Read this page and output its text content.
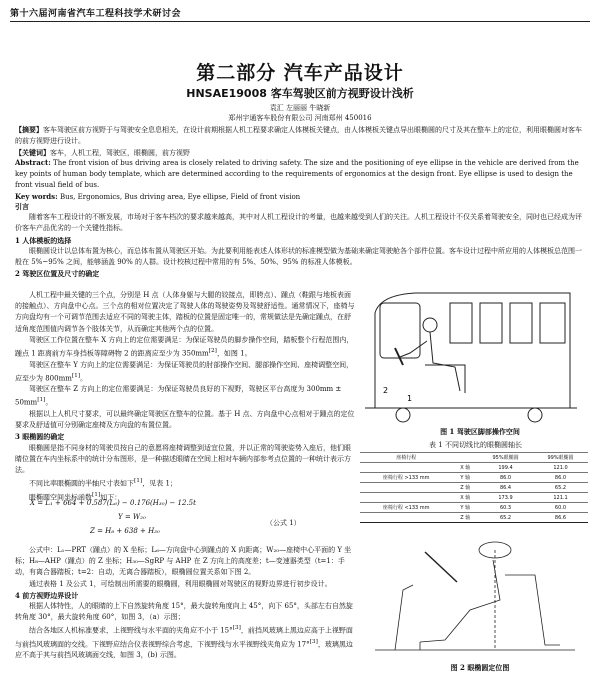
第十六届河南省汽车工程科技学术研讨会
第二部分 汽车产品设计
HNSAE19008 客车驾驶区前方视野设计浅析
袁汇 左丽丽 牛晓新
郑州宇通客车股份有限公司 河南郑州 450016
【摘要】客车驾驶区前方视野于与驾驶安全息息相关，在设计前期根据人机工程要求确定人体模板关键点，由人体模板关键点导出眼椭圆的尺寸及其在整车上的定位，利用眼椭圆对客车的前方视野进行设计。
【关键词】客车，人机工程，驾驶区，眼椭圆，前方视野
Abstract: The front vision of bus driving area is closely related to driving safety. The size and the positioning of eye ellipse in the vehicle are derived from the key points of human body template, which are determined according to the requirements of ergonomics at the design front. Eye ellipse is used to design the front visual field of bus.
Key words: Bus, Ergonomics, Bus driving area, Eye ellipse, Field of front vision

引言

随着客车工程设计的不断发展，市场对于客车档次的要求越来越高，其中对人机工程设计的考量，也越来越受到人们的关注。人机工程设计不仅关系着驾驶安全，同时也已经成为评价客车产品优劣的一个关键性指标。

1 人体模板的选择

眼椭圆设计以总体布置为核心，而总体布置从驾驶区开始。为此要利用能表述人体形状的标准模型做为基础来确定驾驶舱各个部件位置。客车设计过程中所应用的人体模板总范围一般在 5%~95% 之间，能够涵盖 90% 的人群。设计校核过程中常用的有 5%、50%、95% 的标准人体模板。

2 驾驶区位置及尺寸的确定

人机工程中最关键的三个点，分别是 H 点（人体身躯与大腿的铰接点，即胯点）、踵点（鞋跟与地板表面的接触点）、方向盘中心点。三个点的相对位置决定了驾驶人体的驾驶姿势及驾驶舒适性。通常情况下，座椅与方向盘均有一个可调节范围去适应不同的驾驶主体，踏板的位置是固定唯一的，常规做法是先确定踵点，在舒适角度范围值内调节各个肢体关节，从而确定其他两个点的位置。

驾驶区工作位置在整车 X 方向上的定位需要满足：为保证驾驶员的脚步操作空间，踏板整个行程范围内，踵点 1 距离前方车身挡板等障碍物 2 的距离应至少为 350mm[2]，如图 1。

驾驶区在整车 Y 方向上的定位需要满足：为保证驾驶员的肘部操作空间、腿部操作空间、座椅调整空间，应至少为 800mm[1]。

驾驶区在整车 Z 方向上的定位需要满足：为保证驾驶员良好的下视野，驾驶区平台高度为 300mm ± 50mm[1]。

根据以上人机尺寸要求，可以最终确定驾驶区在整车的位置。基于 H 点、方向盘中心点相对于踵点的定位要求及舒适值可分别确定座椅及方向盘的布置位置。

3 眼椭圆的确定

眼椭圆是指不同身材的驾驶员按自己的意愿将座椅调整到适宜位置，并以正常的驾驶姿势入座后，他们眼睛位置在车内坐标系中的统计分布图形，是一种描述眼睛在空间上相对车辆内部参考点位置的一种统计表示方法。

不同比率眼椭圆的半轴尺寸表如下[1]，见表 1；

眼椭圆空间坐标函数[1]如下：

X = L₁ + 664 + 0.587(L₆) − 0.176(H₃₀) − 12.5t
Y = W₂₀
Z = H₈ + 638 + H₃₀
（公式 1）

公式中：L₁—PRT（踵点）的 X 坐标；L₆—方向盘中心到踵点的 X 向距离；W₂₀—座椅中心平面的 Y 坐标；H₈—AHP（踵点）的 Z 坐标；H₃₀—SgRP 与 AHP 在 Z 方向上的高度差；t—变速器类型（t=1：手动，有离合器踏板；t=2：自动，无离合器踏板），眼椭圆位置关系如下图 2。

通过表格 1 及公式 1，可绘制出所需要的眼椭圆，利用眼椭圆对驾驶区的视野边界进行初步设计。

4 前方视野边界设计

根据人体特性，人的眼睛的上下自然旋转角度 15°，最大旋转角度向上 45°，向下 65°，头部左右自然旋转角度 30°，最大旋转角度 60°，如图 3，（a）示图；

结合各地区人机标准要求，上视野线与水平面的夹角应不小于 15°[3]，前挡风玻璃上黑边应高于上视野面与前挡风玻璃面的交线。下视野应结合仪表视野综合考虑，下视野线与水平视野线夹角应为 17°[3]，玻璃黑边应不高于其与前挡风玻璃面交线，如图 3，(b) 示图。

1
2
图 1 驾驶区脚部操作空间
表 1 不同切线比的眼椭圆轴长
座椅行程		95%眼椭圆	99%眼椭圆
	X 轴	199.4	121.0
座椅行程 >133 mm	Y 轴	86.0	86.0
	Z 轴	86.4	65.2
	X 轴	173.9	121.1
座椅行程 <133 mm	Y 轴	60.3	60.0
	Z 轴	65.2	86.6
图 2 眼椭圆定位图
